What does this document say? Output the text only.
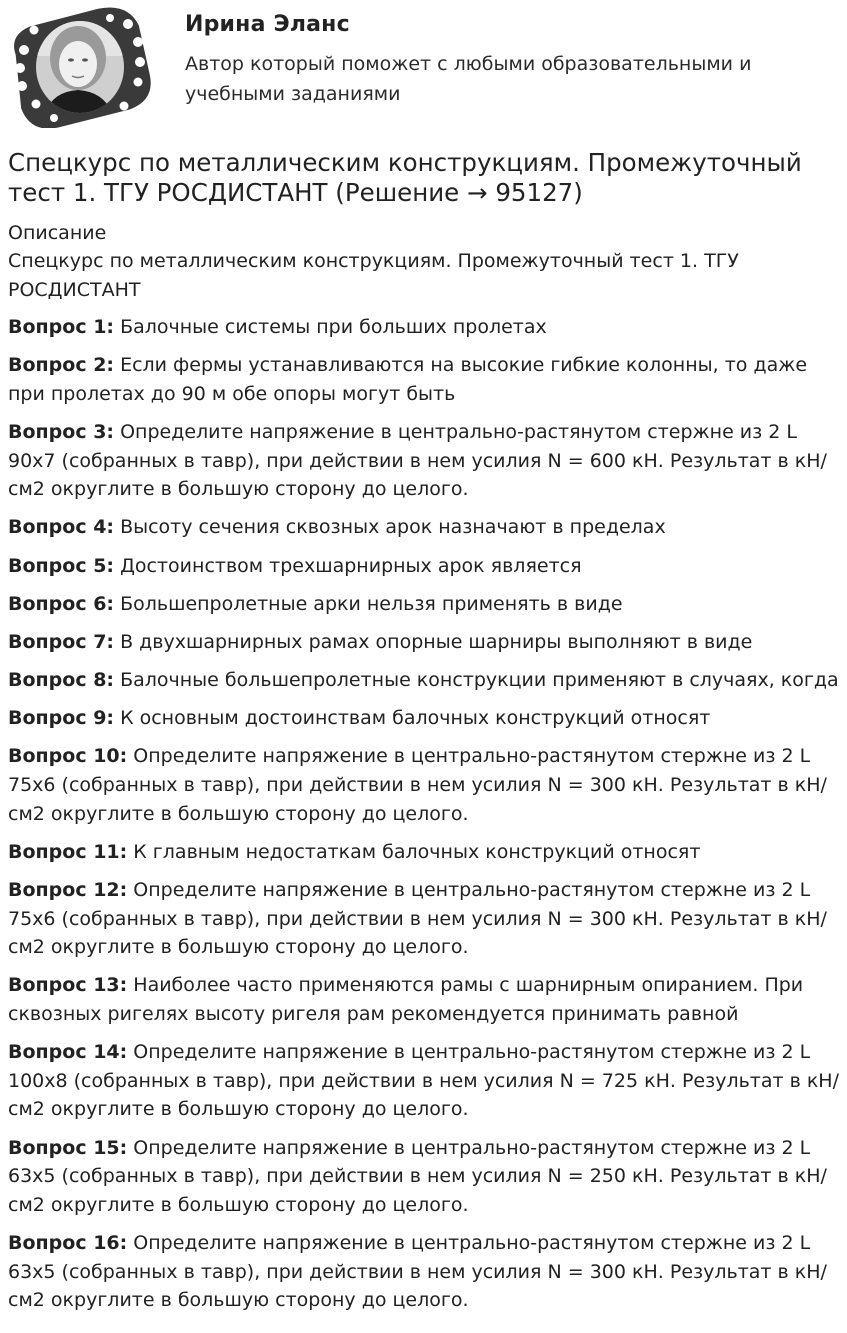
Ирина Эланс
Автор который поможет с любыми образовательными и учебными заданиями
Спецкурс по металлическим конструкциям. Промежуточный тест 1. ТГУ РОСДИСТАНТ (Решение → 95127)
Описание
Спецкурс по металлическим конструкциям. Промежуточный тест 1. ТГУ РОСДИСТАНТ
Вопрос 1: Балочные системы при больших пролетах
Вопрос 2: Если фермы устанавливаются на высокие гибкие колонны, то даже при пролетах до 90 м обе опоры могут быть
Вопрос 3: Определите напряжение в центрально-растянутом стержне из 2 L 90х7 (собранных в тавр), при действии в нем усилия N = 600 кН. Результат в кН/см2 округлите в большую сторону до целого.
Вопрос 4: Высоту сечения сквозных арок назначают в пределах
Вопрос 5: Достоинством трехшарнирных арок является
Вопрос 6: Большепролетные арки нельзя применять в виде
Вопрос 7: В двухшарнирных рамах опорные шарниры выполняют в виде
Вопрос 8: Балочные большепролетные конструкции применяют в случаях, когда
Вопрос 9: К основным достоинствам балочных конструкций относят
Вопрос 10: Определите напряжение в центрально-растянутом стержне из 2 L 75х6 (собранных в тавр), при действии в нем усилия N = 300 кН. Результат в кН/см2 округлите в большую сторону до целого.
Вопрос 11: К главным недостаткам балочных конструкций относят
Вопрос 12: Определите напряжение в центрально-растянутом стержне из 2 L 75х6 (собранных в тавр), при действии в нем усилия N = 300 кН. Результат в кН/см2 округлите в большую сторону до целого.
Вопрос 13: Наиболее часто применяются рамы с шарнирным опиранием. При сквозных ригелях высоту ригеля рам рекомендуется принимать равной
Вопрос 14: Определите напряжение в центрально-растянутом стержне из 2 L 100х8 (собранных в тавр), при действии в нем усилия N = 725 кН. Результат в кН/см2 округлите в большую сторону до целого.
Вопрос 15: Определите напряжение в центрально-растянутом стержне из 2 L 63х5 (собранных в тавр), при действии в нем усилия N = 250 кН. Результат в кН/см2 округлите в большую сторону до целого.
Вопрос 16: Определите напряжение в центрально-растянутом стержне из 2 L 63х5 (собранных в тавр), при действии в нем усилия N = 300 кН. Результат в кН/см2 округлите в большую сторону до целого.
